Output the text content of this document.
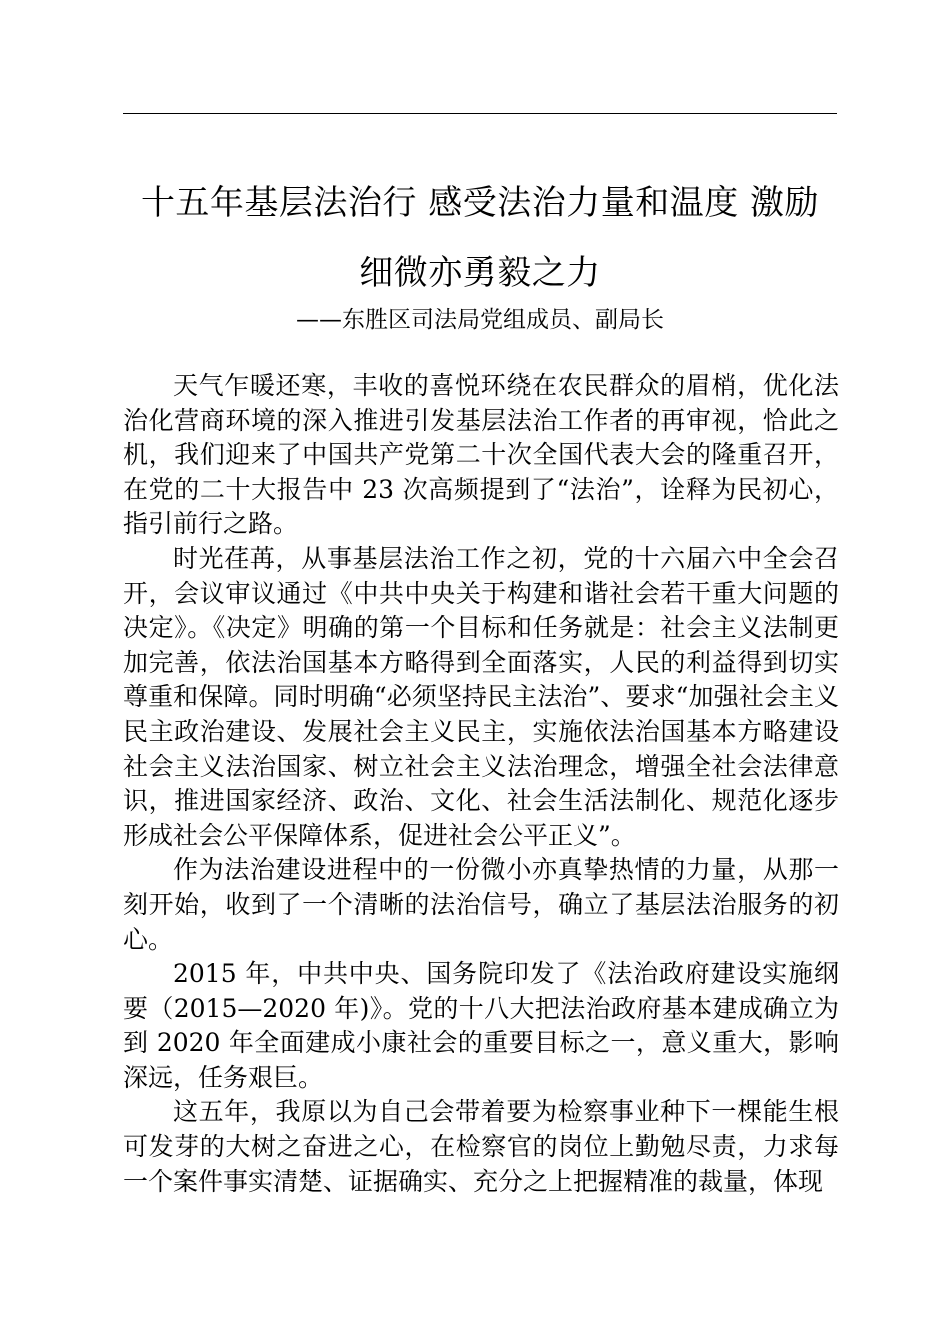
十五年基层法治行 感受法治力量和温度 激励
细微亦勇毅之力

——东胜区司法局党组成员、副局长

天气乍暖还寒，丰收的喜悦环绕在农民群众的眉梢，优化法治化营商环境的深入推进引发基层法治工作者的再审视，恰此之机，我们迎来了中国共产党第二十次全国代表大会的隆重召开，在党的二十大报告中 23 次高频提到了“法治”，诠释为民初心，指引前行之路。

时光荏苒，从事基层法治工作之初，党的十六届六中全会召开，会议审议通过《中共中央关于构建和谐社会若干重大问题的决定》。《决定》明确的第一个目标和任务就是：社会主义法制更加完善，依法治国基本方略得到全面落实，人民的利益得到切实尊重和保障。同时明确“必须坚持民主法治”、要求“加强社会主义民主政治建设、发展社会主义民主，实施依法治国基本方略建设社会主义法治国家、树立社会主义法治理念，增强全社会法律意识，推进国家经济、政治、文化、社会生活法制化、规范化逐步形成社会公平保障体系，促进社会公平正义”。

作为法治建设进程中的一份微小亦真挚热情的力量，从那一刻开始，收到了一个清晰的法治信号，确立了基层法治服务的初心。

2015 年，中共中央、国务院印发了《法治政府建设实施纲要（2015—2020 年)》。党的十八大把法治政府基本建成确立为到 2020 年全面建成小康社会的重要目标之一，意义重大，影响深远，任务艰巨。

这五年，我原以为自己会带着要为检察事业种下一棵能生根可发芽的大树之奋进之心，在检察官的岗位上勤勉尽责，力求每一个案件事实清楚、证据确实、充分之上把握精准的裁量，体现
